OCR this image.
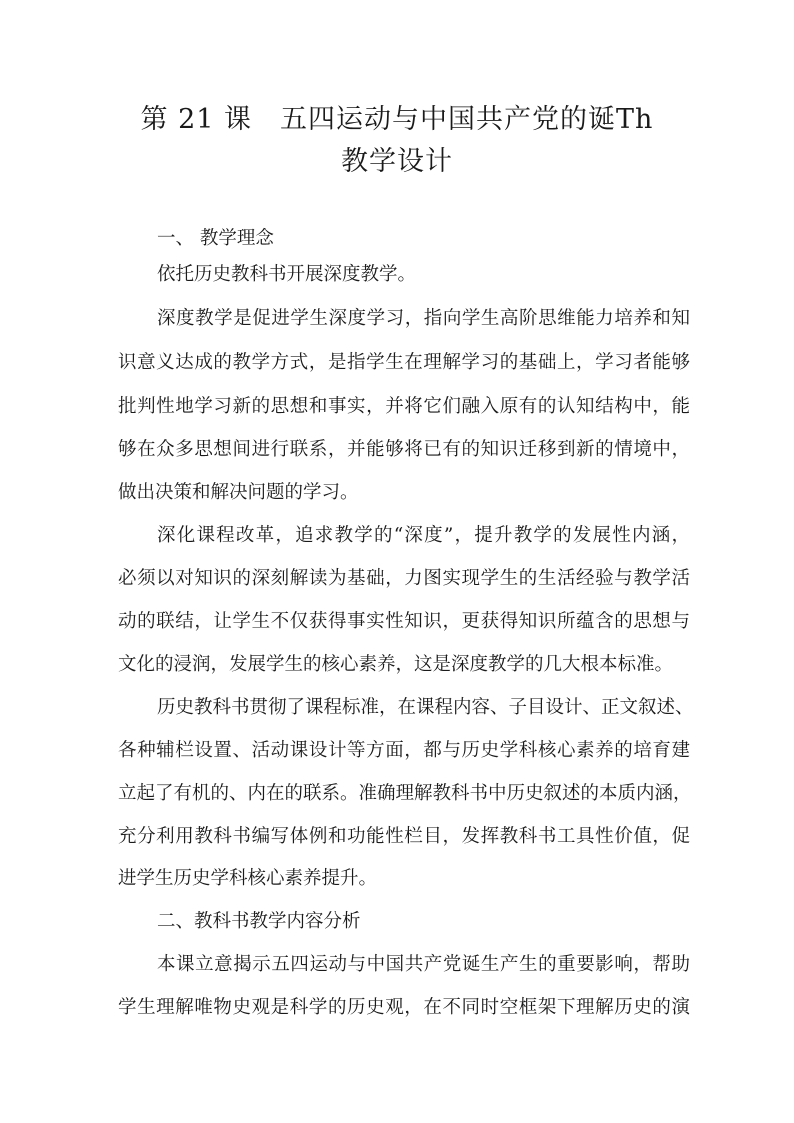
第 21 课　五四运动与中国共产党的诞Th
教学设计
一、 教学理念
依托历史教科书开展深度教学。
深度教学是促进学生深度学习，指向学生高阶思维能力培养和知
识意义达成的教学方式，是指学生在理解学习的基础上，学习者能够
批判性地学习新的思想和事实，并将它们融入原有的认知结构中，能
够在众多思想间进行联系，并能够将已有的知识迁移到新的情境中，
做出决策和解决问题的学习。
深化课程改革，追求教学的“深度”，提升教学的发展性内涵，
必须以对知识的深刻解读为基础，力图实现学生的生活经验与教学活
动的联结，让学生不仅获得事实性知识，更获得知识所蕴含的思想与
文化的浸润，发展学生的核心素养，这是深度教学的几大根本标准。
历史教科书贯彻了课程标准，在课程内容、子目设计、正文叙述、
各种辅栏设置、活动课设计等方面，都与历史学科核心素养的培育建
立起了有机的、内在的联系。准确理解教科书中历史叙述的本质内涵，
充分利用教科书编写体例和功能性栏目，发挥教科书工具性价值，促
进学生历史学科核心素养提升。
二、教科书教学内容分析
本课立意揭示五四运动与中国共产党诞生产生的重要影响，帮助
学生理解唯物史观是科学的历史观，在不同时空框架下理解历史的演
